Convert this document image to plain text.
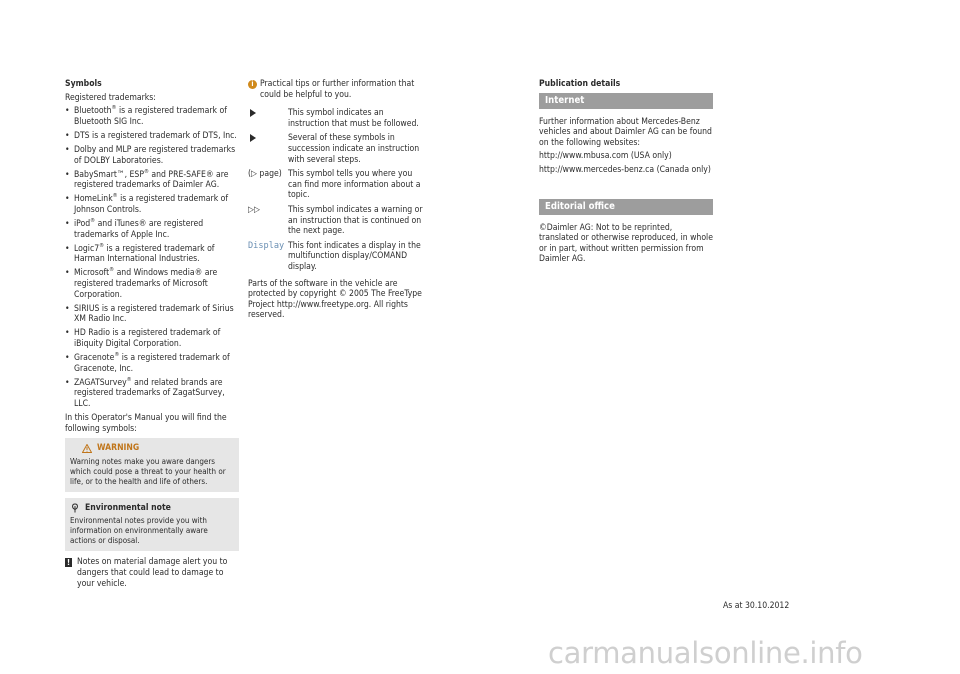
Symbols

Registered trademarks:

• Bluetooth® is a registered trademark of Bluetooth SIG Inc.
• DTS is a registered trademark of DTS, Inc.
• Dolby and MLP are registered trademarks of DOLBY Laboratories.
• BabySmart™, ESP® and PRE-SAFE® are registered trademarks of Daimler AG.
• HomeLink® is a registered trademark of Johnson Controls.
• iPod® and iTunes® are registered trademarks of Apple Inc.
• Logic7® is a registered trademark of Harman International Industries.
• Microsoft® and Windows media® are registered trademarks of Microsoft Corporation.
• SIRIUS is a registered trademark of Sirius XM Radio Inc.
• HD Radio is a registered trademark of iBiquity Digital Corporation.
• Gracenote® is a registered trademark of Gracenote, Inc.
• ZAGATSurvey® and related brands are registered trademarks of ZagatSurvey, LLC.

In this Operator's Manual you will find the following symbols:

WARNING
Warning notes make you aware dangers which could pose a threat to your health or life, or to the health and life of others.
Environmental note
Environmental notes provide you with information on environmentally aware actions or disposal.
! Notes on material damage alert you to dangers that could lead to damage to your vehicle.
i Practical tips or further information that could be helpful to you.
This symbol indicates an instruction that must be followed.
Several of these symbols in succession indicate an instruction with several steps.
(▷ page) This symbol tells you where you can find more information about a topic.
▷▷	This symbol indicates a warning or an instruction that is continued on the next page.
Display This font indicates a display in the multifunction display/COMAND display.

Parts of the software in the vehicle are protected by copyright © 2005 The FreeType Project http://www.freetype.org. All rights reserved.

Publication details
Internet

Further information about Mercedes-Benz vehicles and about Daimler AG can be found on the following websites:

http://www.mbusa.com (USA only)

http://www.mercedes-benz.ca (Canada only)

Editorial office

©Daimler AG: Not to be reprinted, translated or otherwise reproduced, in whole or in part, without written permission from Daimler AG.

As at 30.10.2012
carmanualsonline.info
